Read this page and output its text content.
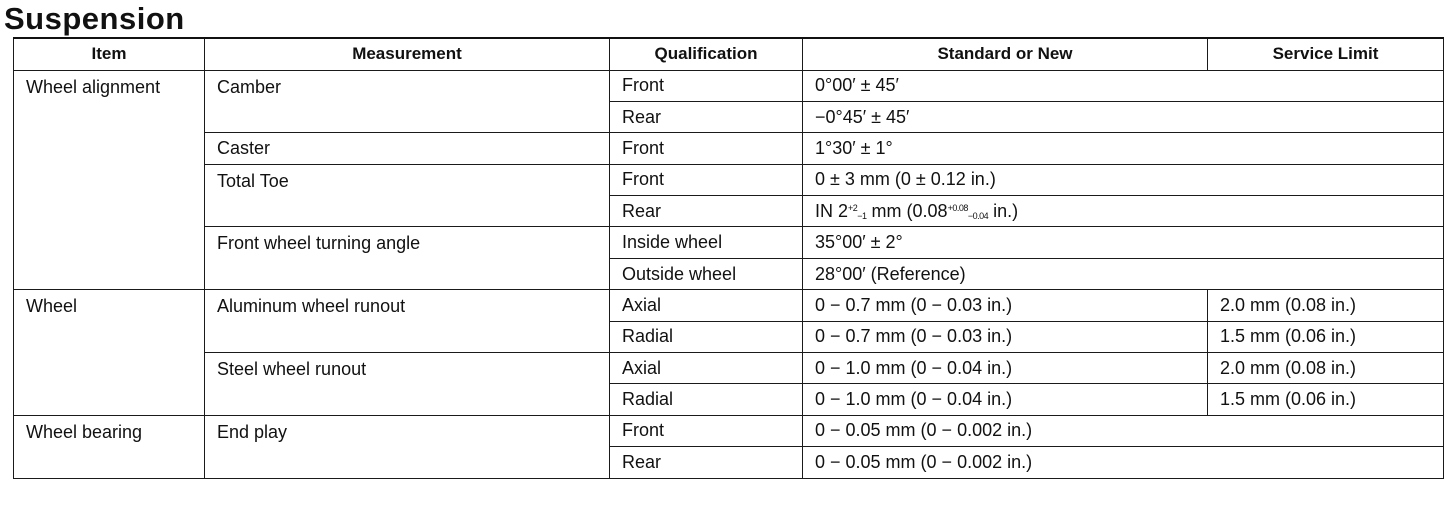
Suspension
Item	Measurement	Qualification	Standard or New	Service Limit
Wheel alignment	Camber	Front	0°00′ ± 45′	
		Rear	−0°45′ ± 45′	
	Caster	Front	1°30′ ± 1°	
	Total Toe	Front	0 ± 3 mm (0 ± 0.12 in.)	
		Rear	IN $2^{+2}_{-1}$ mm ($0.08^{+0.08}_{-0.04}$ in.)	
	Front wheel turning angle	Inside wheel	35°00′ ± 2°	
		Outside wheel	28°00′ (Reference)	
Wheel	Aluminum wheel runout	Axial	0 − 0.7 mm (0 − 0.03 in.)	2.0 mm (0.08 in.)
		Radial	0 − 0.7 mm (0 − 0.03 in.)	1.5 mm (0.06 in.)
	Steel wheel runout	Axial	0 − 1.0 mm (0 − 0.04 in.)	2.0 mm (0.08 in.)
		Radial	0 − 1.0 mm (0 − 0.04 in.)	1.5 mm (0.06 in.)
Wheel bearing	End play	Front	0 − 0.05 mm (0 − 0.002 in.)	
		Rear	0 − 0.05 mm (0 − 0.002 in.)	
